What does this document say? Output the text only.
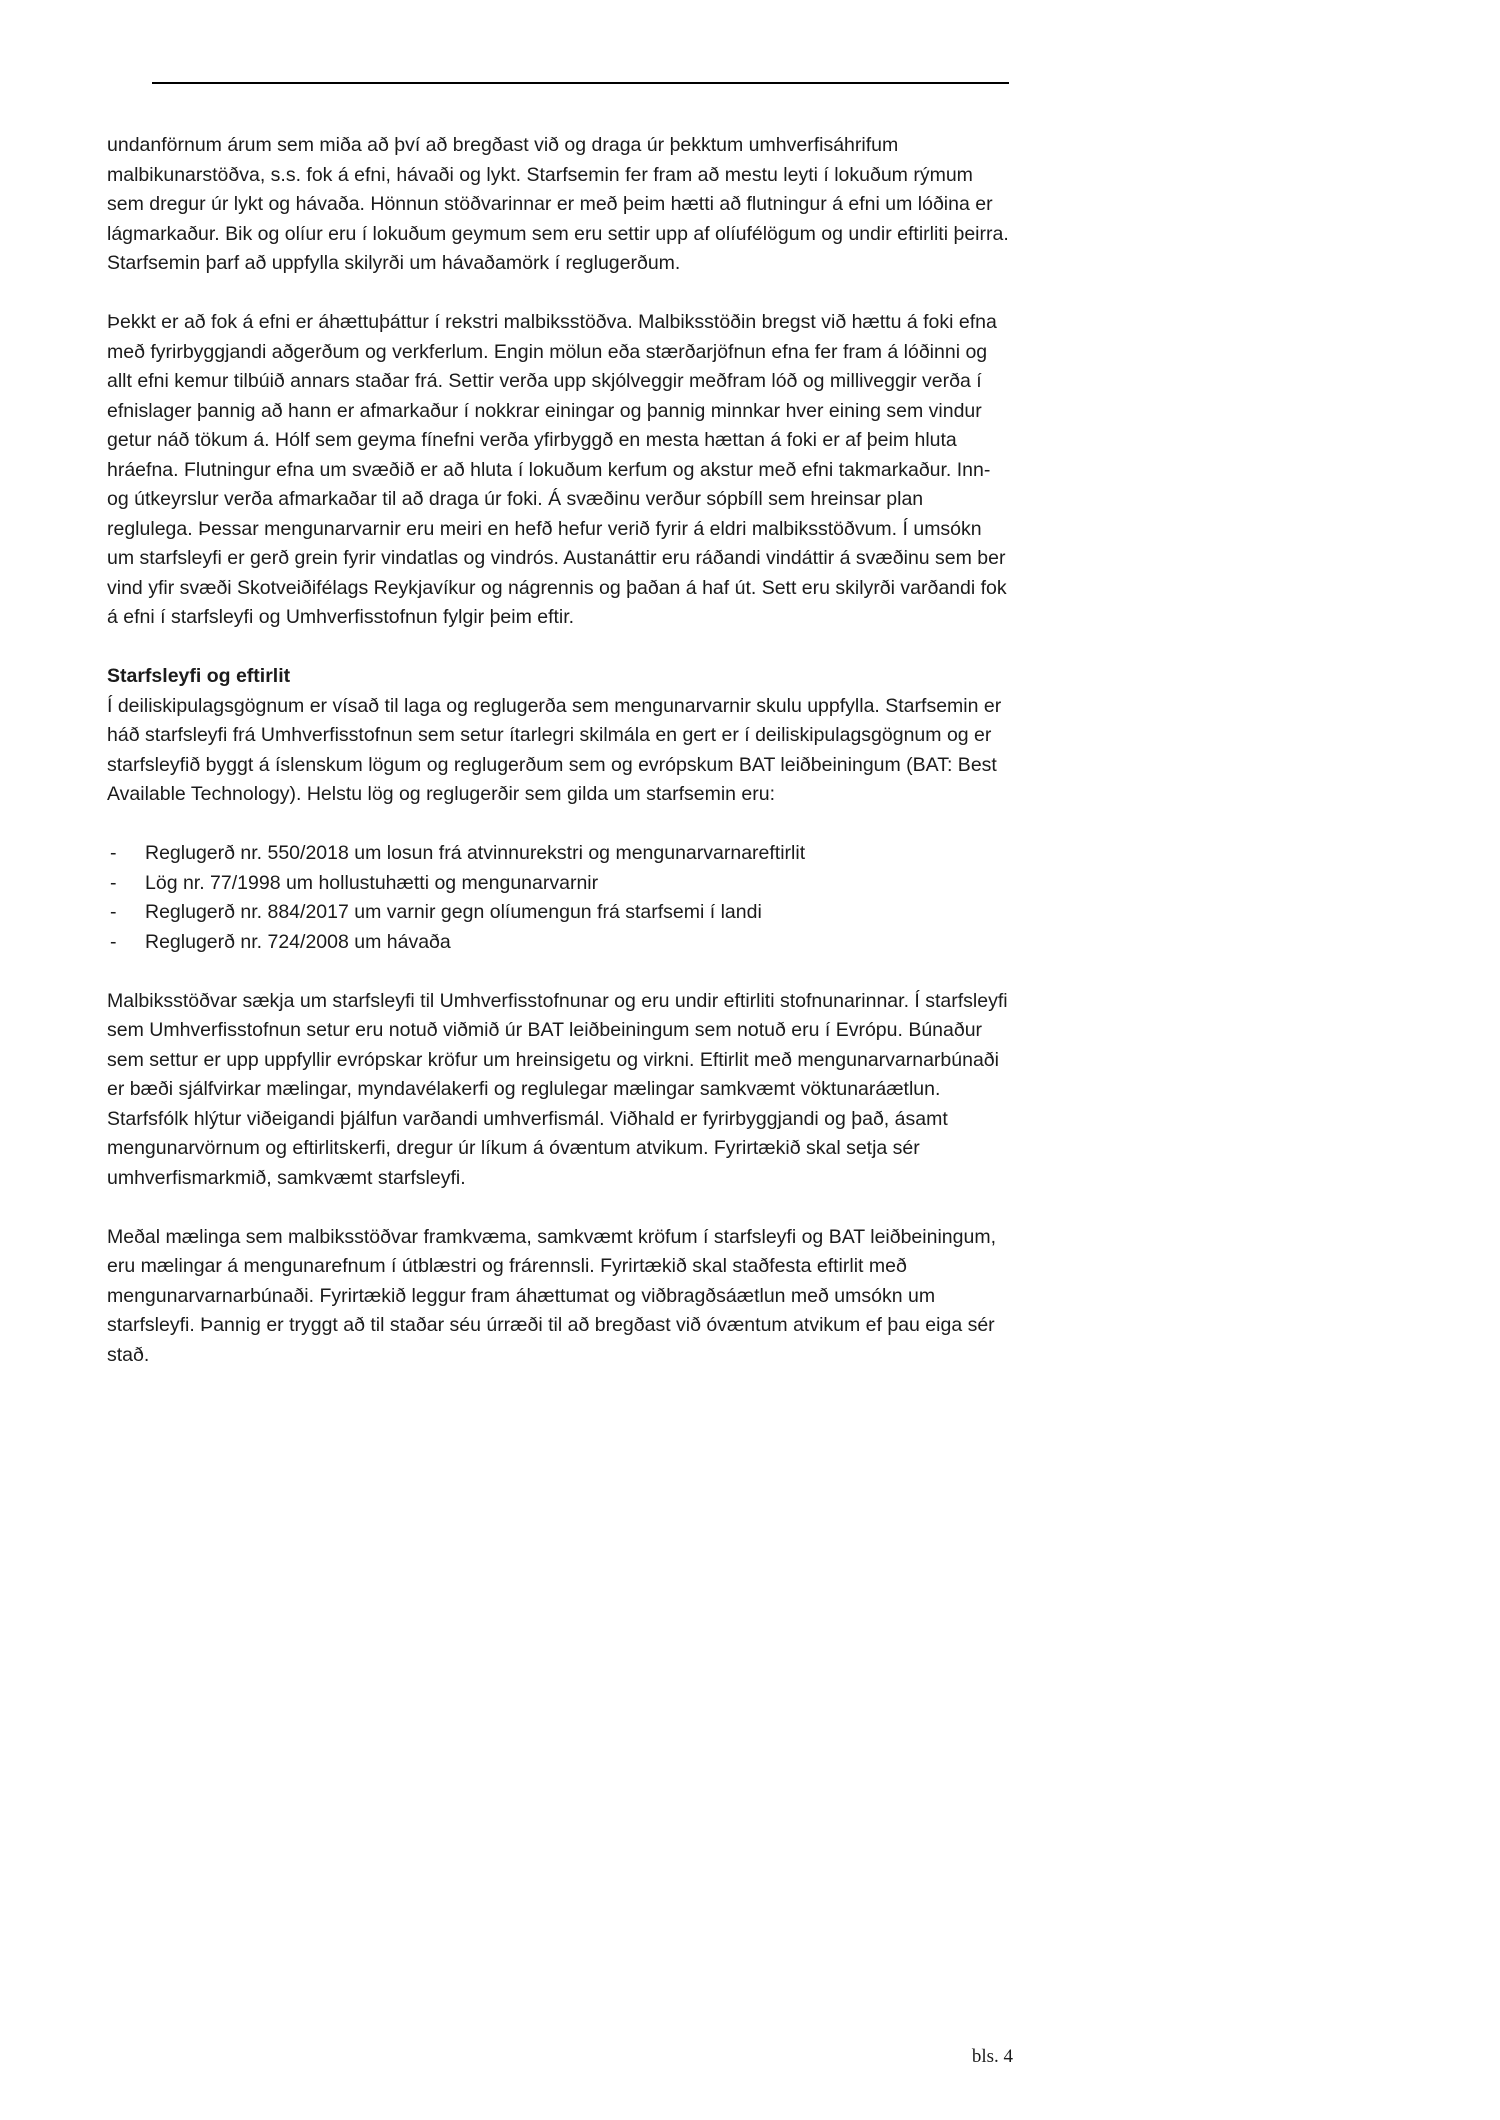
undanförnum árum sem miða að því að bregðast við og draga úr þekktum umhverfisáhrifum malbikunarstöðva, s.s. fok á efni, hávaði og lykt. Starfsemin fer fram að mestu leyti í lokuðum rýmum sem dregur úr lykt og hávaða. Hönnun stöðvarinnar er með þeim hætti að flutningur á efni um lóðina er lágmarkaður. Bik og olíur eru í lokuðum geymum sem eru settir upp af olíufélögum og undir eftirliti þeirra. Starfsemin þarf að uppfylla skilyrði um hávaðamörk í reglugerðum.

Þekkt er að fok á efni er áhættuþáttur í rekstri malbiksstöðva. Malbiksstöðin bregst við hættu á foki efna með fyrirbyggjandi aðgerðum og verkferlum. Engin mölun eða stærðarjöfnun efna fer fram á lóðinni og allt efni kemur tilbúið annars staðar frá. Settir verða upp skjólveggir meðfram lóð og milliveggir verða í efnislager þannig að hann er afmarkaður í nokkrar einingar og þannig minnkar hver eining sem vindur getur náð tökum á. Hólf sem geyma fínefni verða yfirbyggð en mesta hættan á foki er af þeim hluta hráefna. Flutningur efna um svæðið er að hluta í lokuðum kerfum og akstur með efni takmarkaður. Inn- og útkeyrslur verða afmarkaðar til að draga úr foki. Á svæðinu verður sópbíll sem hreinsar plan reglulega. Þessar mengunarvarnir eru meiri en hefð hefur verið fyrir á eldri malbiksstöðvum. Í umsókn um starfsleyfi er gerð grein fyrir vindatlas og vindrós. Austanáttir eru ráðandi vindáttir á svæðinu sem ber vind yfir svæði Skotveiðifélags Reykjavíkur og nágrennis og þaðan á haf út. Sett eru skilyrði varðandi fok á efni í starfsleyfi og Umhverfisstofnun fylgir þeim eftir.

Starfsleyfi og eftirlit

Í deiliskipulagsgögnum er vísað til laga og reglugerða sem mengunarvarnir skulu uppfylla. Starfsemin er háð starfsleyfi frá Umhverfisstofnun sem setur ítarlegri skilmála en gert er í deiliskipulagsgögnum og er starfsleyfið byggt á íslenskum lögum og reglugerðum sem og evrópskum BAT leiðbeiningum (BAT: Best Available Technology). Helstu lög og reglugerðir sem gilda um starfsemin eru:

-	Reglugerð nr. 550/2018 um losun frá atvinnurekstri og mengunarvarnareftirlit
-	Lög nr. 77/1998 um hollustuhætti og mengunarvarnir
-	Reglugerð nr. 884/2017 um varnir gegn olíumengun frá starfsemi í landi
-	Reglugerð nr. 724/2008 um hávaða

Malbiksstöðvar sækja um starfsleyfi til Umhverfisstofnunar og eru undir eftirliti stofnunarinnar. Í starfsleyfi sem Umhverfisstofnun setur eru notuð viðmið úr BAT leiðbeiningum sem notuð eru í Evrópu. Búnaður sem settur er upp uppfyllir evrópskar kröfur um hreinsigetu og virkni. Eftirlit með mengunarvarnarbúnaði er bæði sjálfvirkar mælingar, myndavélakerfi og reglulegar mælingar samkvæmt vöktunaráætlun. Starfsfólk hlýtur viðeigandi þjálfun varðandi umhverfismál. Viðhald er fyrirbyggjandi og það, ásamt mengunarvörnum og eftirlitskerfi, dregur úr líkum á óvæntum atvikum. Fyrirtækið skal setja sér umhverfismarkmið, samkvæmt starfsleyfi.

Meðal mælinga sem malbiksstöðvar framkvæma, samkvæmt kröfum í starfsleyfi og BAT leiðbeiningum, eru mælingar á mengunarefnum í útblæstri og frárennsli. Fyrirtækið skal staðfesta eftirlit með mengunarvarnarbúnaði. Fyrirtækið leggur fram áhættumat og viðbragðsáætlun með umsókn um starfsleyfi. Þannig er tryggt að til staðar séu úrræði til að bregðast við óvæntum atvikum ef þau eiga sér stað.

bls. 4
